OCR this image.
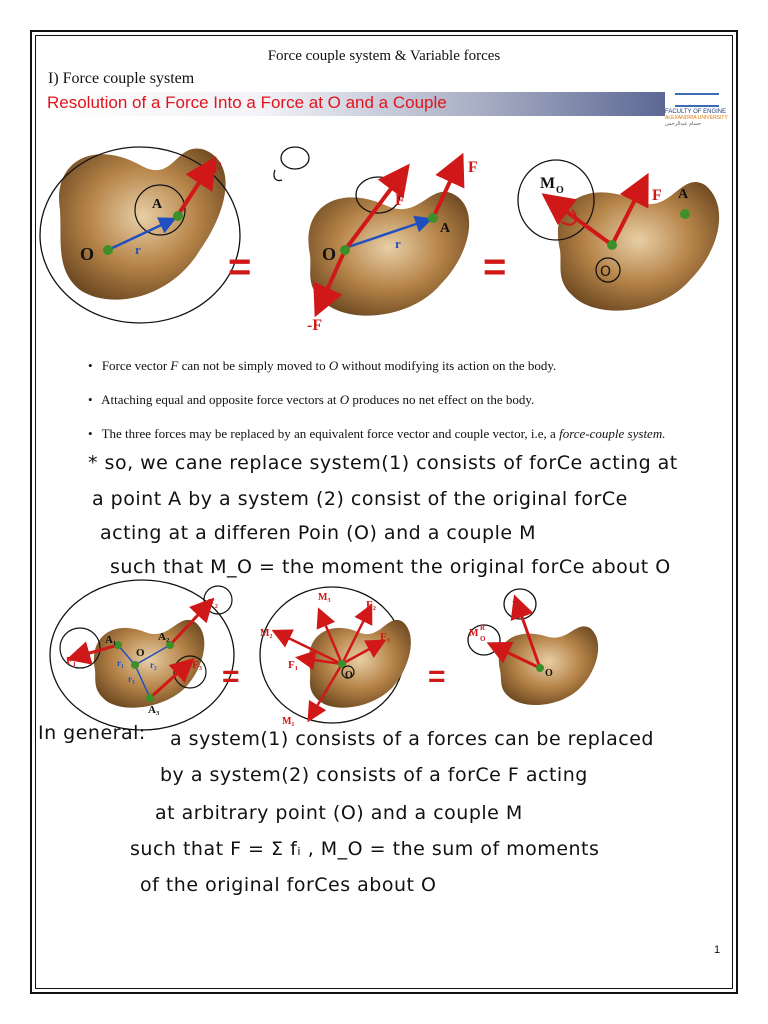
Force couple system & Variable forces
I) Force couple system
Resolution of a Force Into a Force at O and a Couple	FACULTY OF ENGINE
ALEXANDRIA UNIVERSITY
حسام عبدالرحمن
O
A
r
F
=	O
A
r
F
F
-F
=
M O	F A
O
• Force vector F can not be simply moved to O without modifying its action on the body.
• Attaching equal and opposite force vectors at O produces no net effect on the body.
• The three forces may be replaced by an equivalent force vector and couple vector, i.e, a force-couple system.
* so, we cane replace system(1) consists of forCe acting at
a point A by a system (2) consist of the original forCe
acting at a differen Poin (O) and a couple M
such that M_O = the moment the original forCe about O
F₁
F₂
F₃
A₁	A₂
A₃
O
r₁	r₂
r₃	=
M₃
F₂
F₃
F₁
M₂
M₁
O	=
R
M R
O
O
In general: a system(1) consists of a forces can be replaced
by a system(2) consists of a forCe F acting
at arbitrary point (O) and a couple M
such that F = Σ fᵢ , M_O = the sum of moments
of the original forCes about O
1
